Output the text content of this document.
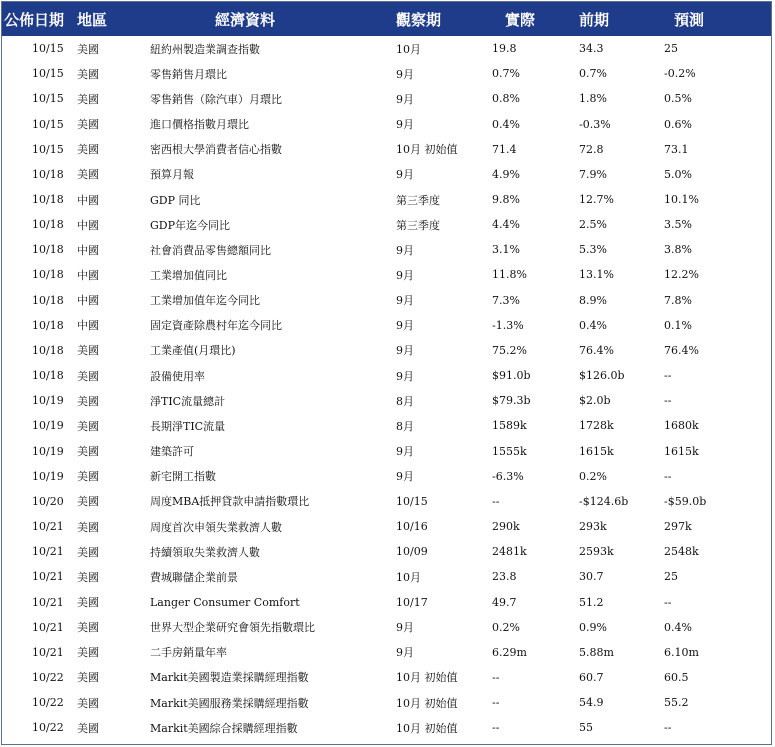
公佈日期	地區	經濟資料	觀察期	實際	前期	預測
10/15	美國	紐約州製造業調查指數	10月	19.8	34.3	25
10/15	美國	零售銷售月環比	9月	0.7%	0.7%	-0.2%
10/15	美國	零售銷售（除汽車）月環比	9月	0.8%	1.8%	0.5%
10/15	美國	進口價格指數月環比	9月	0.4%	-0.3%	0.6%
10/15	美國	密西根大學消費者信心指數	10月 初始值	71.4	72.8	73.1
10/18	美國	預算月報	9月	4.9%	7.9%	5.0%
10/18	中國	GDP 同比	第三季度	9.8%	12.7%	10.1%
10/18	中國	GDP年迄今同比	第三季度	4.4%	2.5%	3.5%
10/18	中國	社會消費品零售總額同比	9月	3.1%	5.3%	3.8%
10/18	中國	工業增加值同比	9月	11.8%	13.1%	12.2%
10/18	中國	工業增加值年迄今同比	9月	7.3%	8.9%	7.8%
10/18	中國	固定資產除農村年迄今同比	9月	-1.3%	0.4%	0.1%
10/18	美國	工業產值(月環比)	9月	75.2%	76.4%	76.4%
10/18	美國	設備使用率	9月	$91.0b	$126.0b	--
10/19	美國	淨TIC流量總計	8月	$79.3b	$2.0b	--
10/19	美國	長期淨TIC流量	8月	1589k	1728k	1680k
10/19	美國	建築許可	9月	1555k	1615k	1615k
10/19	美國	新宅開工指數	9月	-6.3%	0.2%	--
10/20	美國	周度MBA抵押貸款申請指數環比	10/15	--	-$124.6b	-$59.0b
10/21	美國	周度首次申領失業救濟人數	10/16	290k	293k	297k
10/21	美國	持續領取失業救濟人數	10/09	2481k	2593k	2548k
10/21	美國	費城聯儲企業前景	10月	23.8	30.7	25
10/21	美國	Langer Consumer Comfort	10/17	49.7	51.2	--
10/21	美國	世界大型企業研究會領先指數環比	9月	0.2%	0.9%	0.4%
10/21	美國	二手房銷量年率	9月	6.29m	5.88m	6.10m
10/22	美國	Markit美國製造業採購經理指數	10月 初始值	--	60.7	60.5
10/22	美國	Markit美國服務業採購經理指數	10月 初始值	--	54.9	55.2
10/22	美國	Markit美國綜合採購經理指數	10月 初始值	--	55	--
